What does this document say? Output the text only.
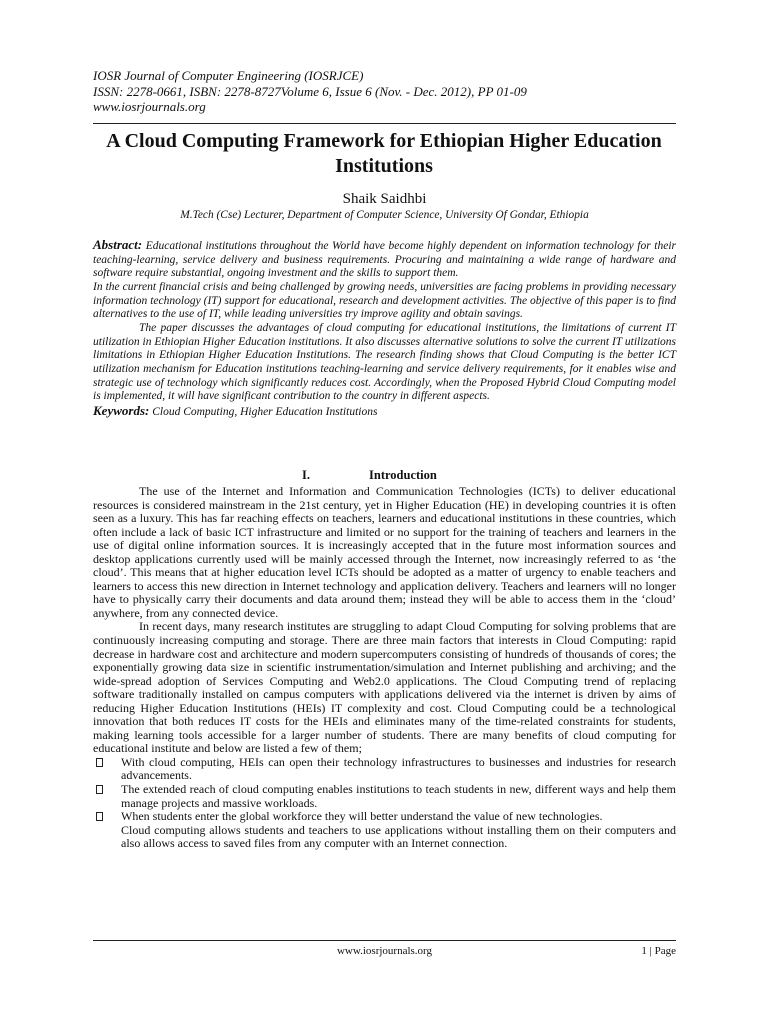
IOSR Journal of Computer Engineering (IOSRJCE)
ISSN: 2278-0661, ISBN: 2278-8727Volume 6, Issue 6 (Nov. - Dec. 2012), PP 01-09
www.iosrjournals.org
A Cloud Computing Framework for Ethiopian Higher Education Institutions
Shaik Saidhbi
M.Tech (Cse) Lecturer, Department of Computer Science, University Of Gondar, Ethiopia

Abstract: Educational institutions throughout the World have become highly dependent on information technology for their teaching-learning, service delivery and business requirements. Procuring and maintaining a wide range of hardware and software require substantial, ongoing investment and the skills to support them.

In the current financial crisis and being challenged by growing needs, universities are facing problems in providing necessary information technology (IT) support for educational, research and development activities. The objective of this paper is to find alternatives to the use of IT, while leading universities try improve agility and obtain savings.

The paper discusses the advantages of cloud computing for educational institutions, the limitations of current IT utilization in Ethiopian Higher Education institutions. It also discusses alternative solutions to solve the current IT utilizations limitations in Ethiopian Higher Education Institutions. The research finding shows that Cloud Computing is the better ICT utilization mechanism for Education institutions teaching-learning and service delivery requirements, for it enables wise and strategic use of technology which significantly reduces cost. Accordingly, when the Proposed Hybrid Cloud Computing model is implemented, it will have significant contribution to the country in different aspects.

Keywords: Cloud Computing, Higher Education Institutions

I.	Introduction

The use of the Internet and Information and Communication Technologies (ICTs) to deliver educational resources is considered mainstream in the 21st century, yet in Higher Education (HE) in developing countries it is often seen as a luxury. This has far reaching effects on teachers, learners and educational institutions in these countries, which often include a lack of basic ICT infrastructure and limited or no support for the training of teachers and learners in the use of digital online information sources. It is increasingly accepted that in the future most information sources and desktop applications currently used will be mainly accessed through the Internet, now increasingly referred to as ‘the cloud’. This means that at higher education level ICTs should be adopted as a matter of urgency to enable teachers and learners to access this new direction in Internet technology and application delivery. Teachers and learners will no longer have to physically carry their documents and data around them; instead they will be able to access them in the ‘cloud’ anywhere, from any connected device.

In recent days, many research institutes are struggling to adapt Cloud Computing for solving problems that are continuously increasing computing and storage. There are three main factors that interests in Cloud Computing: rapid decrease in hardware cost and architecture and modern supercomputers consisting of hundreds of thousands of cores; the exponentially growing data size in scientific instrumentation/simulation and Internet publishing and archiving; and the wide-spread adoption of Services Computing and Web2.0 applications. The Cloud Computing trend of replacing software traditionally installed on campus computers with applications delivered via the internet is driven by aims of reducing Higher Education Institutions (HEIs) IT complexity and cost. Cloud Computing could be a technological innovation that both reduces IT costs for the HEIs and eliminates many of the time-related constraints for students, making learning tools accessible for a larger number of students. There are many benefits of cloud computing for educational institute and below are listed a few of them;

With cloud computing, HEIs can open their technology infrastructures to businesses and industries for research advancements.
The extended reach of cloud computing enables institutions to teach students in new, different ways and help them manage projects and massive workloads.
When students enter the global workforce they will better understand the value of new technologies.

Cloud computing allows students and teachers to use applications without installing them on their computers and also allows access to saved files from any computer with an Internet connection.

www.iosrjournals.org	1 | Page
